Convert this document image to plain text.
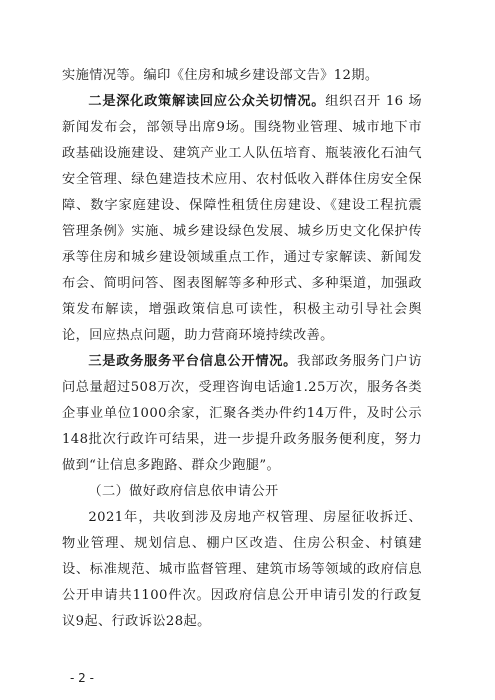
实施情况等。编印《住房和城乡建设部文告》12期。

二是深化政策解读回应公众关切情况。组织召开 16 场新闻发布会，部领导出席9场。围绕物业管理、城市地下市政基础设施建设、建筑产业工人队伍培育、瓶装液化石油气安全管理、绿色建造技术应用、农村低收入群体住房安全保障、数字家庭建设、保障性租赁住房建设、《建设工程抗震管理条例》实施、城乡建设绿色发展、城乡历史文化保护传承等住房和城乡建设领域重点工作，通过专家解读、新闻发布会、简明问答、图表图解等多种形式、多种渠道，加强政策发布解读，增强政策信息可读性，积极主动引导社会舆论，回应热点问题，助力营商环境持续改善。

三是政务服务平台信息公开情况。我部政务服务门户访问总量超过508万次，受理咨询电话逾1.25万次，服务各类企事业单位1000余家，汇聚各类办件约14万件，及时公示148批次行政许可结果，进一步提升政务服务便利度，努力做到“让信息多跑路、群众少跑腿”。

（二）做好政府信息依申请公开

2021年，共收到涉及房地产权管理、房屋征收拆迁、物业管理、规划信息、棚户区改造、住房公积金、村镇建设、标准规范、城市监督管理、建筑市场等领域的政府信息公开申请共1100件次。因政府信息公开申请引发的行政复议9起、行政诉讼28起。

- 2 -
